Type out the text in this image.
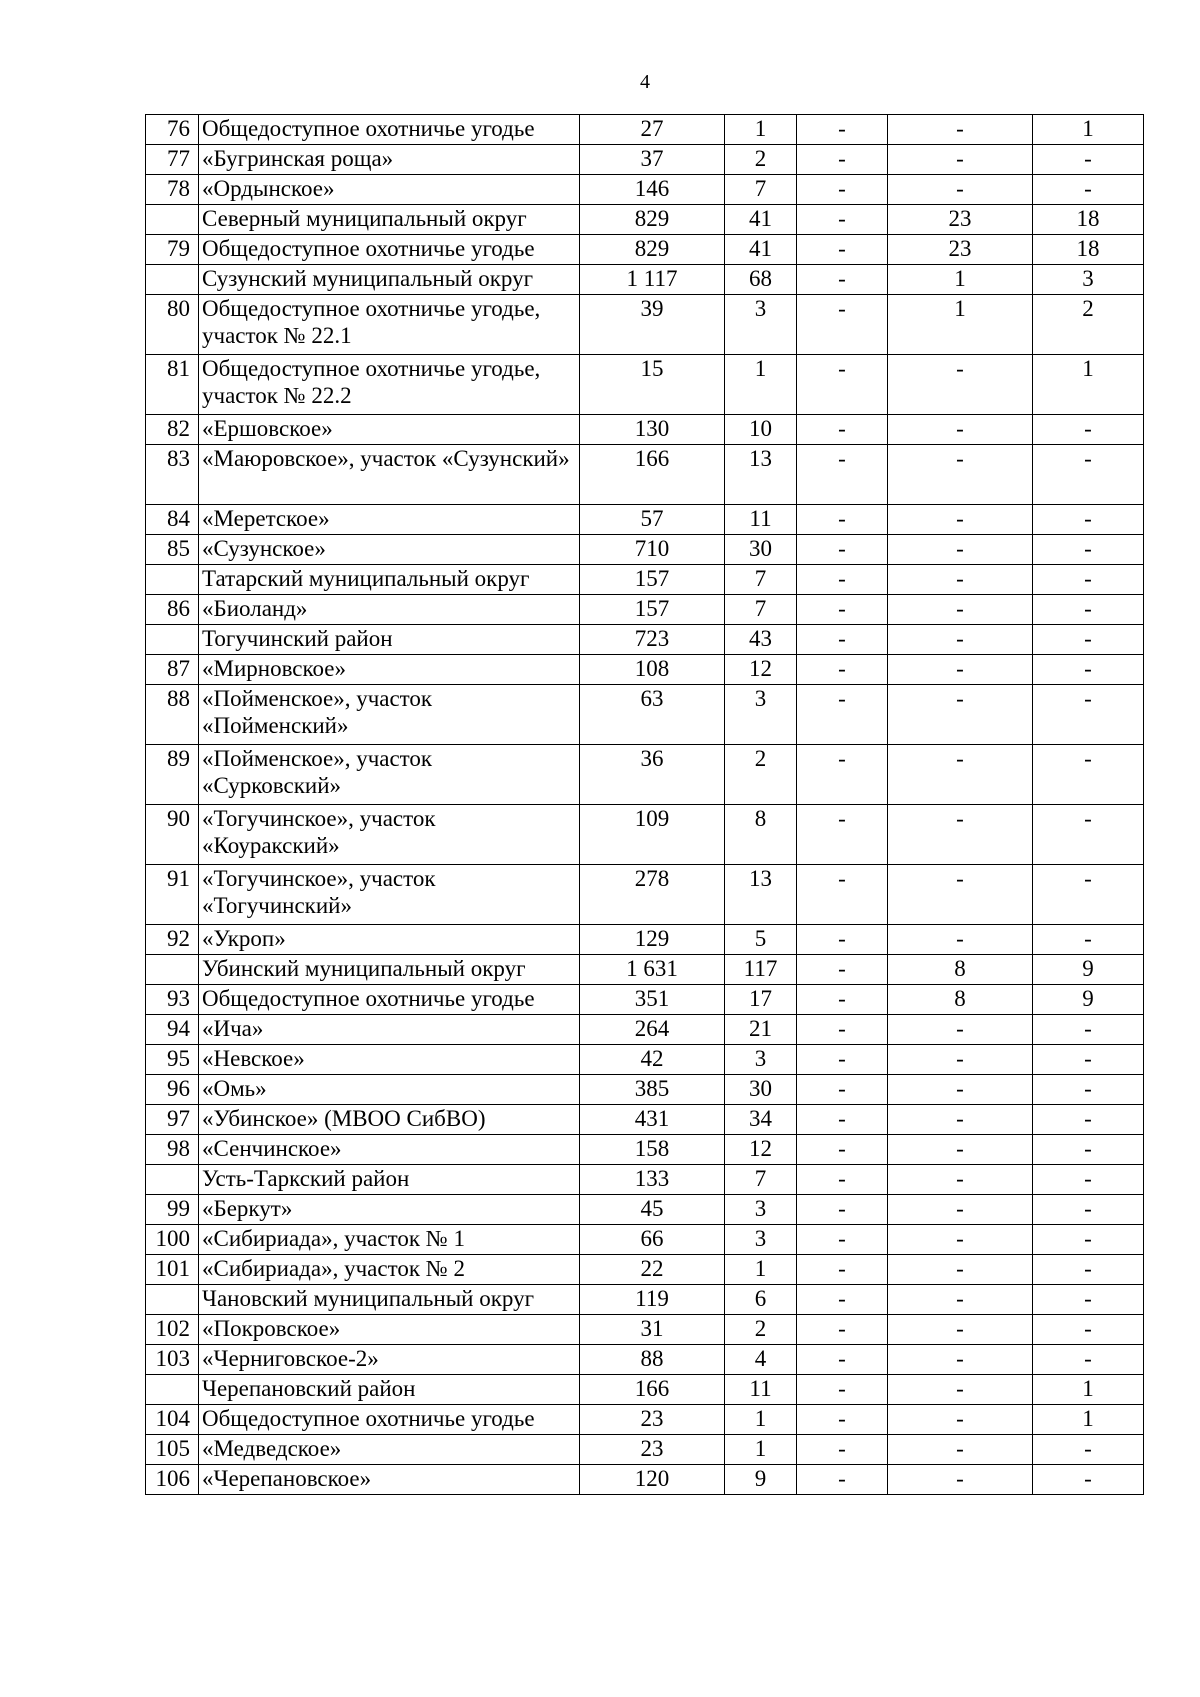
4
76	Общедоступное охотничье угодье	27	1	-	-	1
77	«Бугринская роща»	37	2	-	-	-
78	«Ордынское»	146	7	-	-	-
	Северный муниципальный округ	829	41	-	23	18
79	Общедоступное охотничье угодье	829	41	-	23	18
	Сузунский муниципальный округ	1 117	68	-	1	3
80	Общедоступное охотничье угодье, участок № 22.1	39	3	-	1	2
81	Общедоступное охотничье угодье, участок № 22.2	15	1	-	-	1
82	«Ершовское»	130	10	-	-	-
83	«Маюровское», участок «Сузунский»	166	13	-	-	-
84	«Меретское»	57	11	-	-	-
85	«Сузунское»	710	30	-	-	-
	Татарский муниципальный округ	157	7	-	-	-
86	«Биоланд»	157	7	-	-	-
	Тогучинский район	723	43	-	-	-
87	«Мирновское»	108	12	-	-	-
88	«Пойменское», участок «Пойменский»	63	3	-	-	-
89	«Пойменское», участок «Сурковский»	36	2	-	-	-
90	«Тогучинское», участок «Коуракский»	109	8	-	-	-
91	«Тогучинское», участок «Тогучинский»	278	13	-	-	-
92	«Укроп»	129	5	-	-	-
	Убинский муниципальный округ	1 631	117	-	8	9
93	Общедоступное охотничье угодье	351	17	-	8	9
94	«Ича»	264	21	-	-	-
95	«Невское»	42	3	-	-	-
96	«Омь»	385	30	-	-	-
97	«Убинское» (МВОО СибВО)	431	34	-	-	-
98	«Сенчинское»	158	12	-	-	-
	Усть-Таркский район	133	7	-	-	-
99	«Беркут»	45	3	-	-	-
100	«Сибириада», участок № 1	66	3	-	-	-
101	«Сибириада», участок № 2	22	1	-	-	-
	Чановский муниципальный округ	119	6	-	-	-
102	«Покровское»	31	2	-	-	-
103	«Черниговское-2»	88	4	-	-	-
	Черепановский район	166	11	-	-	1
104	Общедоступное охотничье угодье	23	1	-	-	1
105	«Медведское»	23	1	-	-	-
106	«Черепановское»	120	9	-	-	-
